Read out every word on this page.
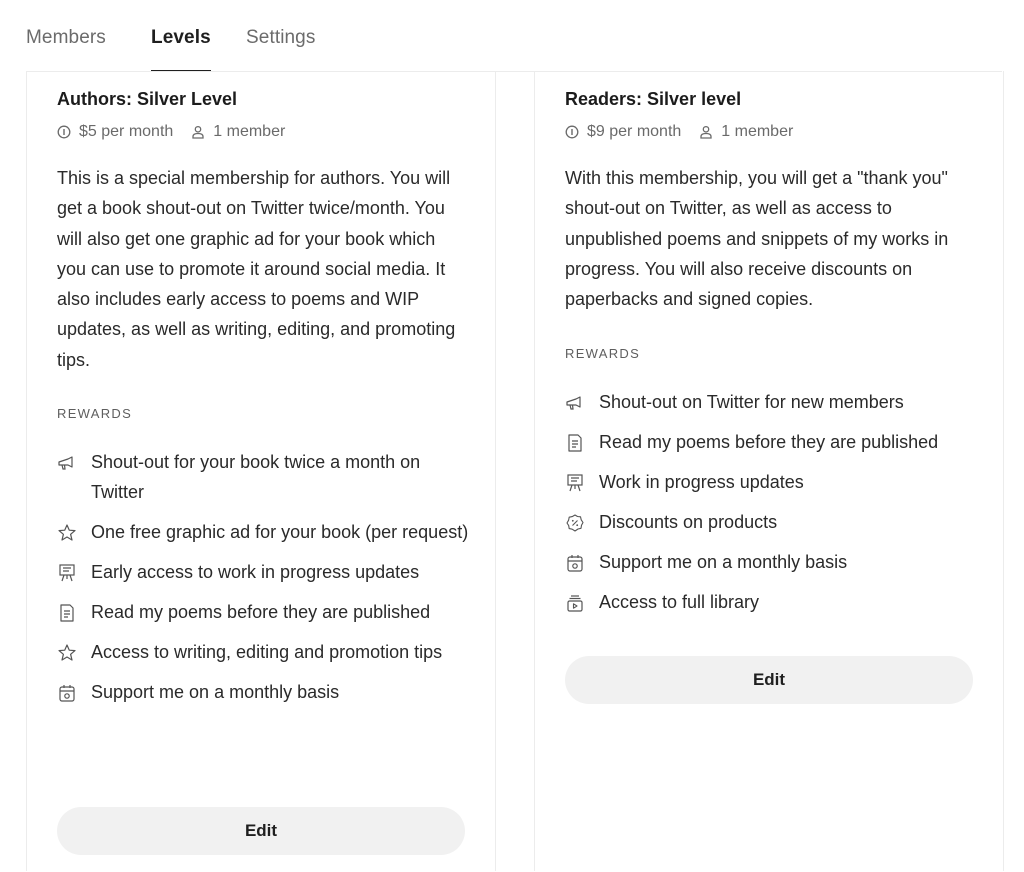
Members Levels Settings
Authors: Silver Level
$5 per month	1 member
This is a special membership for authors. You will get a book shout-out on Twitter twice/month. You will also get one graphic ad for your book which you can use to promote it around social media. It also includes early access to poems and WIP updates, as well as writing, editing, and promoting tips.
REWARDS
Shout-out for your book twice a month on Twitter
One free graphic ad for your book (per request)
Early access to work in progress updates
Read my poems before they are published
Access to writing, editing and promotion tips
Support me on a monthly basis
Edit
Readers: Silver level
$9 per month	1 member
With this membership, you will get a "thank you" shout-out on Twitter, as well as access to unpublished poems and snippets of my works in progress. You will also receive discounts on paperbacks and signed copies.
REWARDS
Shout-out on Twitter for new members
Read my poems before they are published
Work in progress updates
Discounts on products
Support me on a monthly basis
Access to full library
Edit
